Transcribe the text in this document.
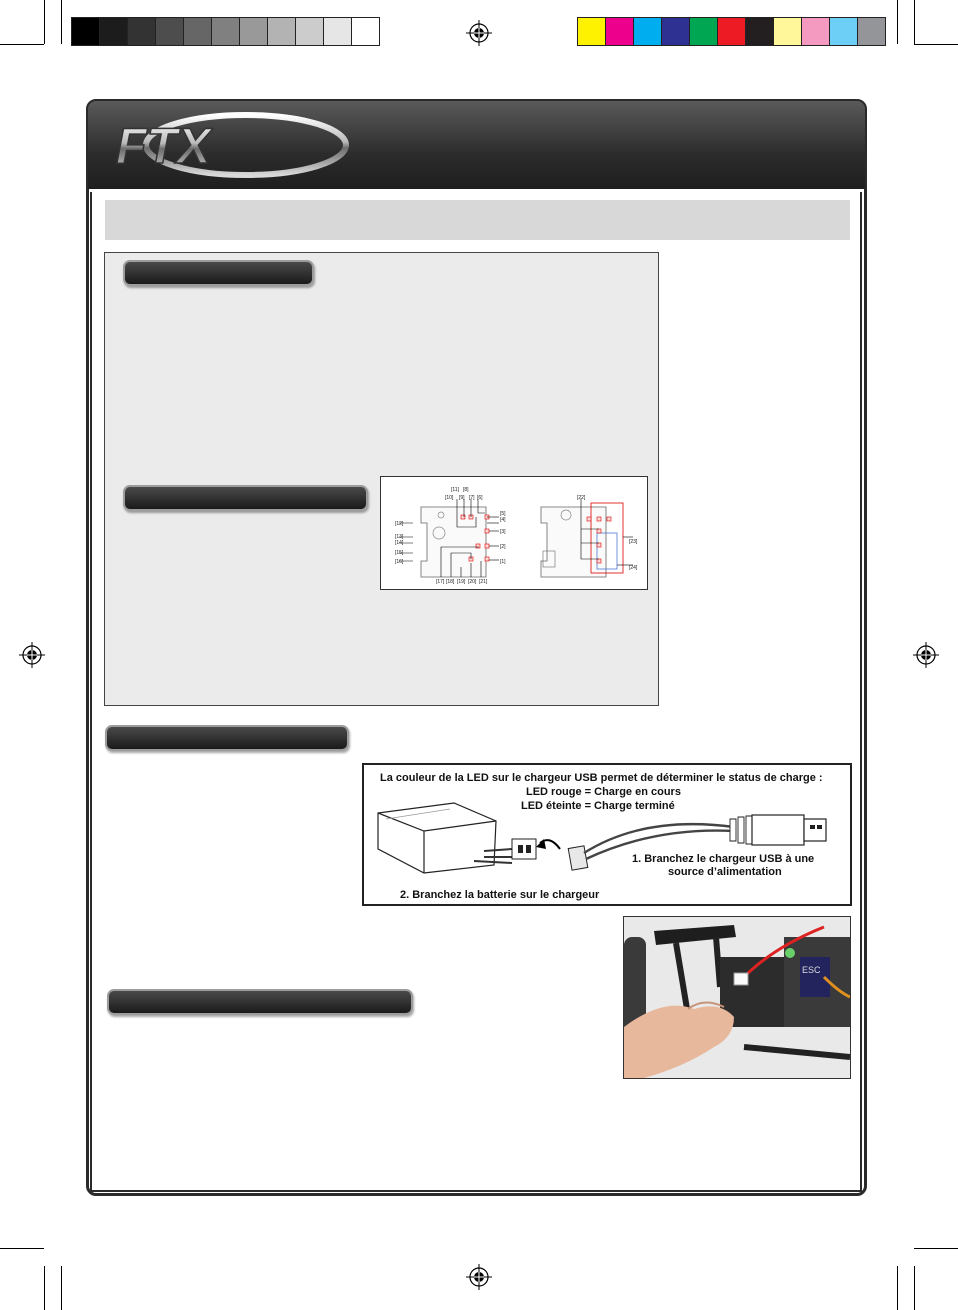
FTX
[11] [8]
[10] [9] [7] [6]
[5]
[4]
[3]
[2]
[1]
[12]
[13]
[14]
[15]
[16]
[17] [18] [19] [20] [21]
[22]
[23]
[24]
La couleur de la LED sur le chargeur USB permet de déterminer le status de charge :
LED rouge = Charge en cours
LED éteinte = Charge terminé
1. Branchez le chargeur USB à une
source d’alimentation
2. Branchez la batterie sur le chargeur
ESC
